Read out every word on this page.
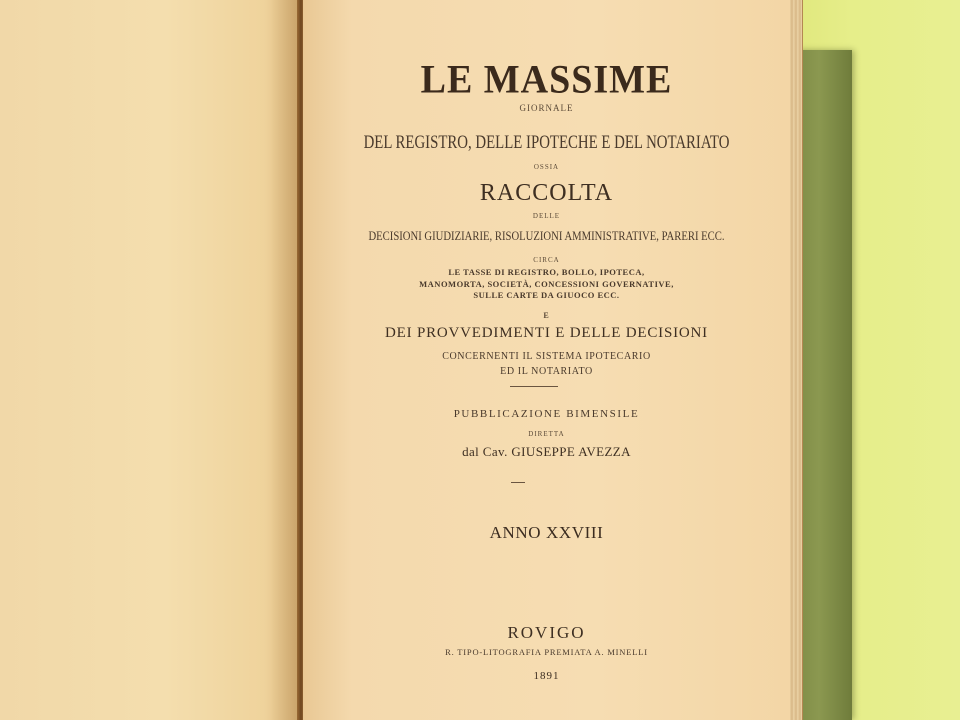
LE MASSIME
GIORNALE
DEL REGISTRO, DELLE IPOTECHE E DEL NOTARIATO
OSSIA
RACCOLTA
DELLE
DECISIONI GIUDIZIARIE, RISOLUZIONI AMMINISTRATIVE, PARERI ECC.
CIRCA
LE TASSE DI REGISTRO, BOLLO, IPOTECA,
MANOMORTA, SOCIETÀ, CONCESSIONI GOVERNATIVE,
SULLE CARTE DA GIUOCO ECC.
E
DEI PROVVEDIMENTI E DELLE DECISIONI
CONCERNENTI IL SISTEMA IPOTECARIO
ED IL NOTARIATO
PUBBLICAZIONE BIMENSILE
DIRETTA
dal Cav. GIUSEPPE AVEZZA
ANNO XXVIII
ROVIGO
R. TIPO-LITOGRAFIA PREMIATA A. MINELLI
1891
